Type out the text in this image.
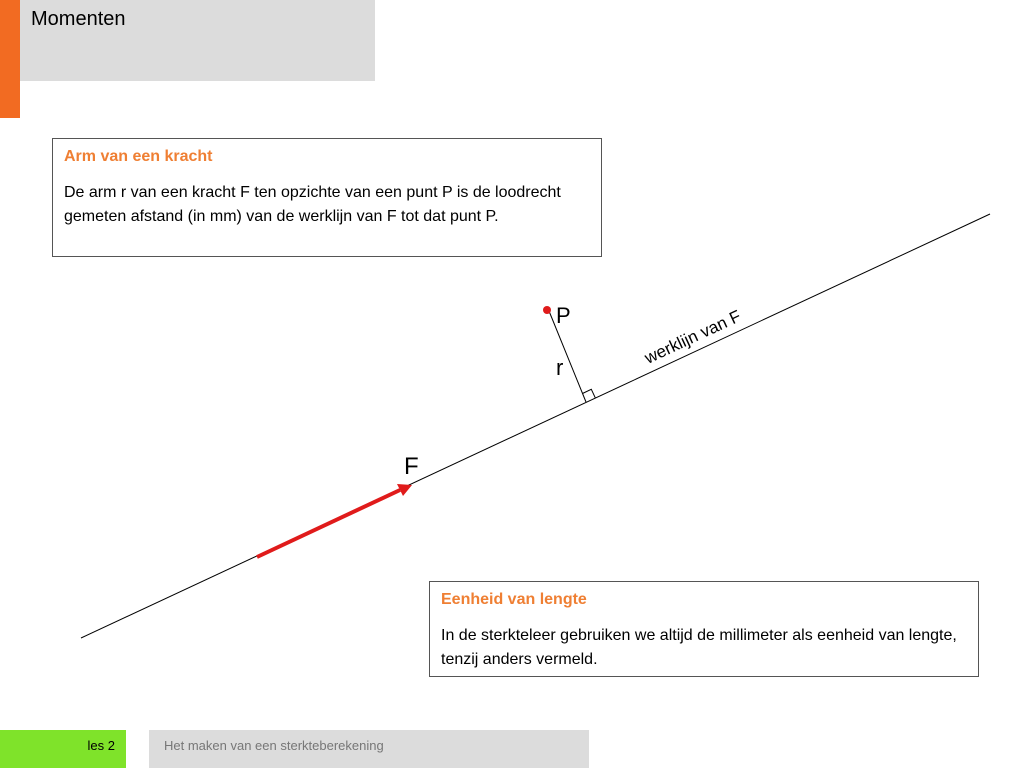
Momenten
P
r
F
werklijn van F
Arm van een kracht
De arm r van een kracht F ten opzichte van een punt P is de loodrecht gemeten afstand (in mm) van de werklijn van F tot dat punt P.
Eenheid van lengte
In de sterkteleer gebruiken we altijd de millimeter als eenheid van lengte, tenzij anders vermeld.
les 2	Het maken van een sterkteberekening
